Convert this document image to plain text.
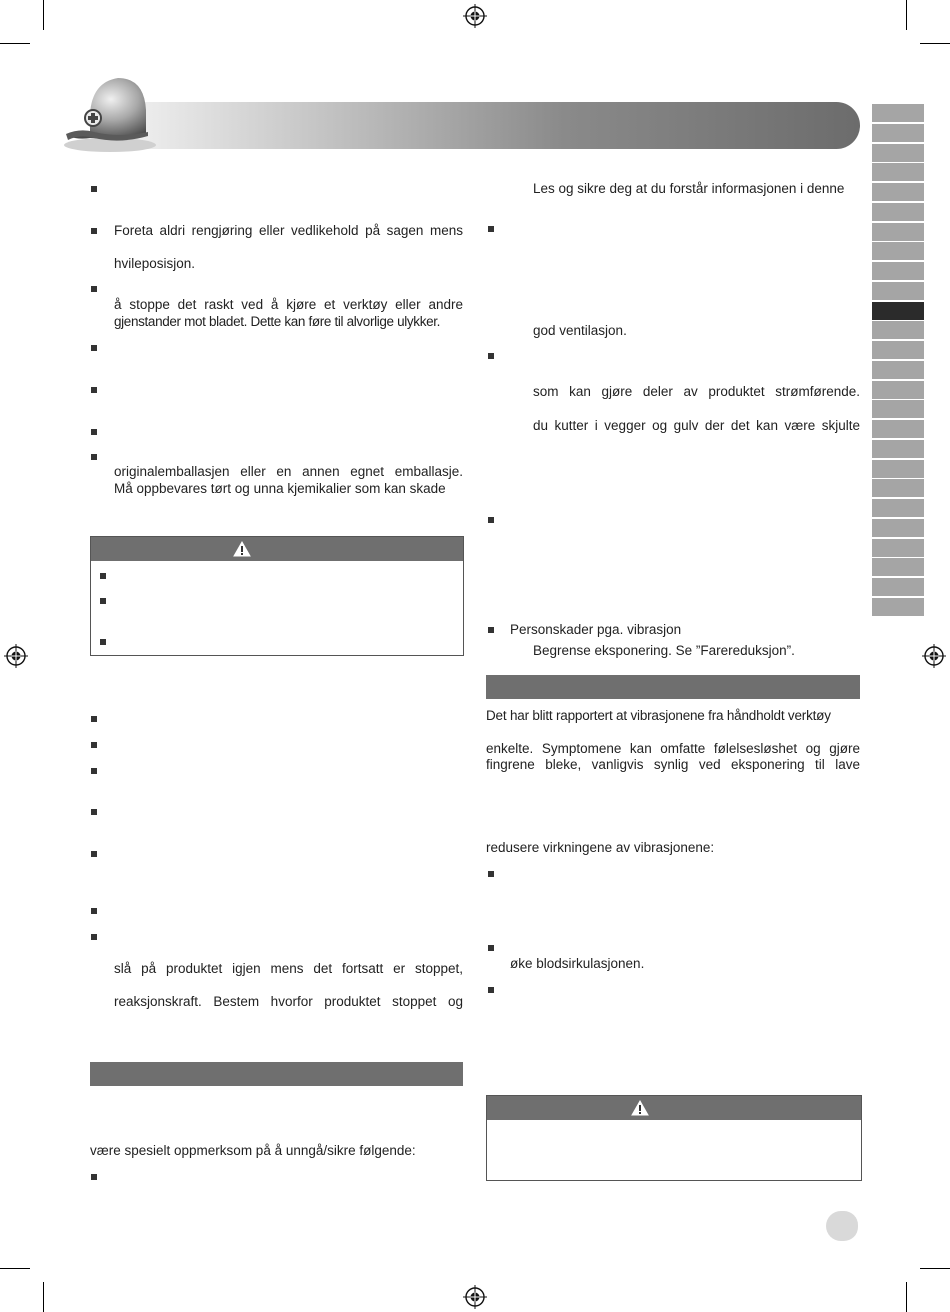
Foreta aldri rengjøring eller vedlikehold på sagen mens
hvileposisjon.
å stoppe det raskt ved å kjøre et verktøy eller andre
gjenstander mot bladet. Dette kan føre til alvorlige ulykker.
originalemballasjen eller en annen egnet emballasje.
Må oppbevares tørt og unna kjemikalier som kan skade
slå på produktet igjen mens det fortsatt er stoppet,
reaksjonskraft. Bestem hvorfor produktet stoppet og
være spesielt oppmerksom på å unngå/sikre følgende:
Les og sikre deg at du forstår informasjonen i denne
god ventilasjon.
som kan gjøre deler av produktet strømførende.
du kutter i vegger og gulv der det kan være skjulte
Personskader pga. vibrasjon
Begrense eksponering. Se ”Farereduksjon”.
Det har blitt rapportert at vibrasjonene fra håndholdt verktøy
enkelte. Symptomene kan omfatte følelsesløshet og gjøre
fingrene bleke, vanligvis synlig ved eksponering til lave
redusere virkningene av vibrasjonene:
øke blodsirkulasjonen.
